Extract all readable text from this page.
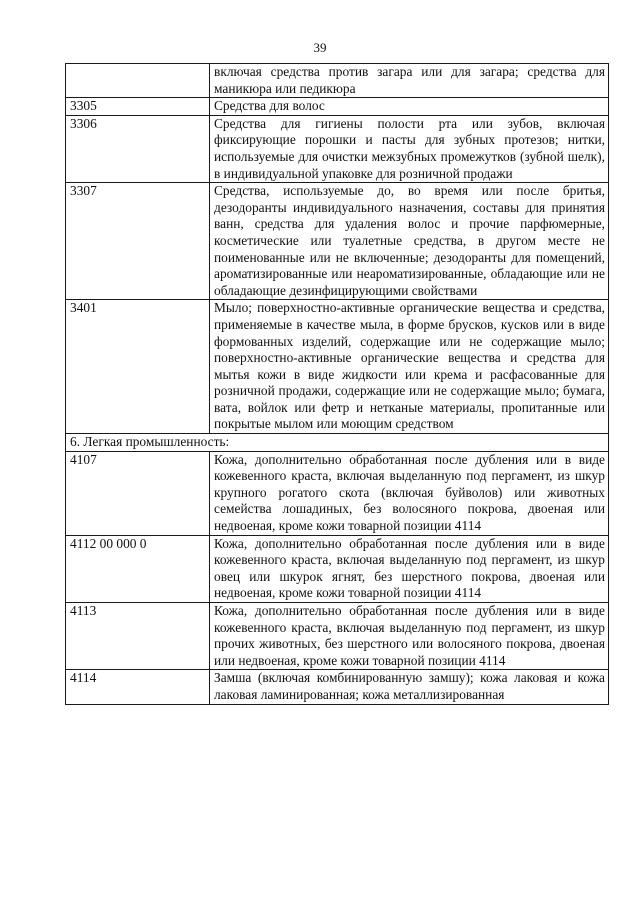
39
	включая средства против загара или для загара; средства для маникюра или педикюра
3305	Средства для волос
3306	Средства для гигиены полости рта или зубов, включая фиксирующие порошки и пасты для зубных протезов; нитки, используемые для очистки межзубных промежутков (зубной шелк), в индивидуальной упаковке для розничной продажи
3307	Средства, используемые до, во время или после бритья, дезодоранты индивидуального назначения, составы для принятия ванн, средства для удаления волос и прочие парфюмерные, косметические или туалетные средства, в другом месте не поименованные или не включенные; дезодоранты для помещений, ароматизированные или неароматизированные, обладающие или не обладающие дезинфицирующими свойствами
3401	Мыло; поверхностно-активные органические вещества и средства, применяемые в качестве мыла, в форме брусков, кусков или в виде формованных изделий, содержащие или не содержащие мыло; поверхностно-активные органические вещества и средства для мытья кожи в виде жидкости или крема и расфасованные для розничной продажи, содержащие или не содержащие мыло; бумага, вата, войлок или фетр и нетканые материалы, пропитанные или покрытые мылом или моющим средством
6. Легкая промышленность:	
4107	Кожа, дополнительно обработанная после дубления или в виде кожевенного краста, включая выделанную под пергамент, из шкур крупного рогатого скота (включая буйволов) или животных семейства лошадиных, без волосяного покрова, двоеная или недвоеная, кроме кожи товарной позиции 4114
4112 00 000 0	Кожа, дополнительно обработанная после дубления или в виде кожевенного краста, включая выделанную под пергамент, из шкур овец или шкурок ягнят, без шерстного покрова, двоеная или недвоеная, кроме кожи товарной позиции 4114
4113	Кожа, дополнительно обработанная после дубления или в виде кожевенного краста, включая выделанную под пергамент, из шкур прочих животных, без шерстного или волосяного покрова, двоеная или недвоеная, кроме кожи товарной позиции 4114
4114	Замша (включая комбинированную замшу); кожа лаковая и кожа лаковая ламинированная; кожа металлизированная
